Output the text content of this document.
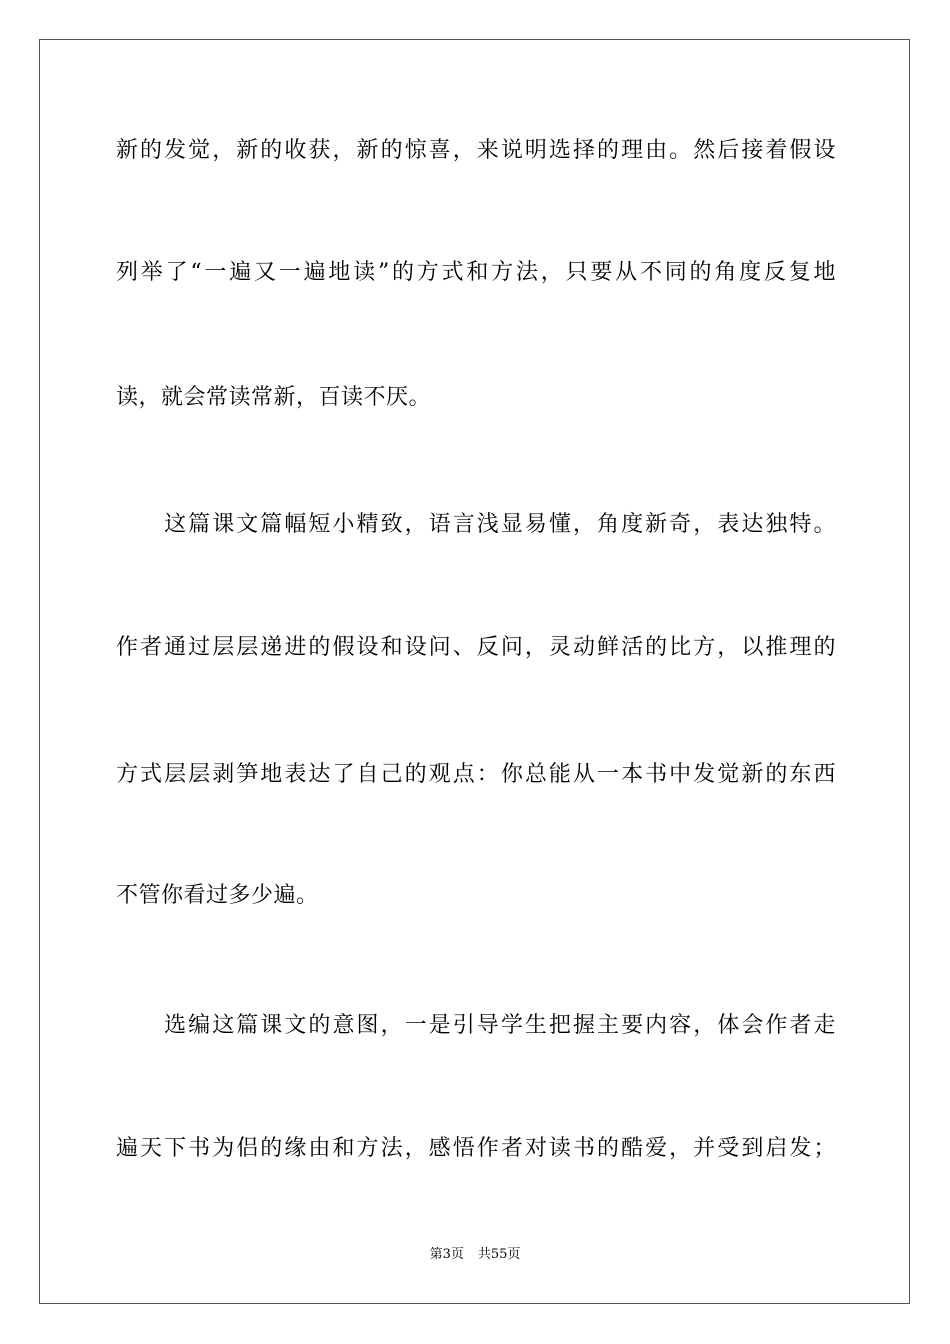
新的发觉，新的收获，新的惊喜，来说明选择的理由。然后接着假设
列举了“一遍又一遍地读”的方式和方法，只要从不同的角度反复地
读，就会常读常新，百读不厌。
　　这篇课文篇幅短小精致，语言浅显易懂，角度新奇，表达独特。
作者通过层层递进的假设和设问、反问，灵动鲜活的比方，以推理的
方式层层剥笋地表达了自己的观点：你总能从一本书中发觉新的东西
不管你看过多少遍。
　　选编这篇课文的意图，一是引导学生把握主要内容，体会作者走
遍天下书为侣的缘由和方法，感悟作者对读书的酷爱，并受到启发；
第3页 共55页
